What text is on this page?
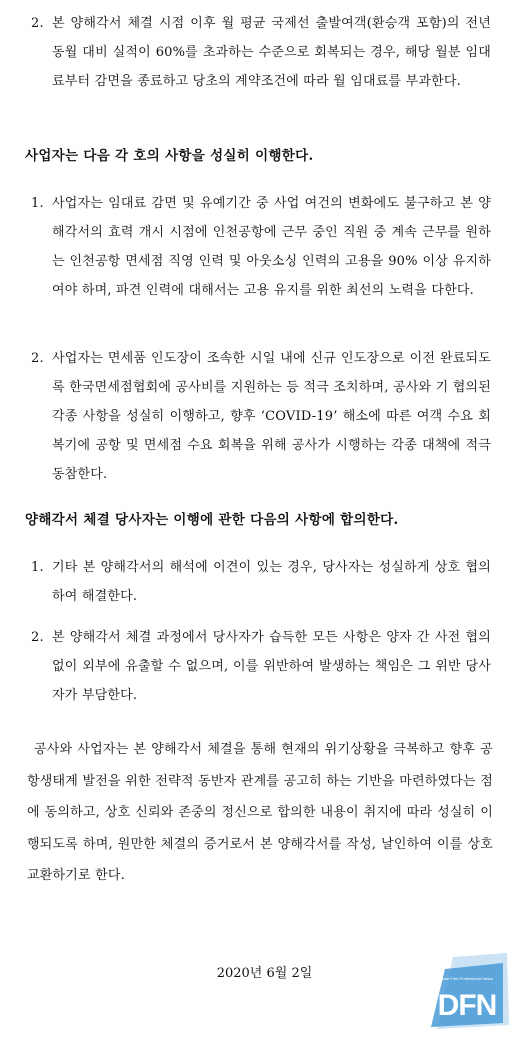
2. 본 양해각서 체결 시점 이후 월 평균 국제선 출발여객(환승객 포함)의 전년 동월 대비 실적이 60%를 초과하는 수준으로 회복되는 경우, 해당 월분 임대료부터 감면을 종료하고 당초의 계약조건에 따라 월 임대료를 부과한다.
사업자는 다음 각 호의 사항을 성실히 이행한다.
1. 사업자는 임대료 감면 및 유예기간 중 사업 여건의 변화에도 불구하고 본 양해각서의 효력 개시 시점에 인천공항에 근무 중인 직원 중 계속 근무를 원하는 인천공항 면세점 직영 인력 및 아웃소싱 인력의 고용을 90% 이상 유지하여야 하며, 파견 인력에 대해서는 고용 유지를 위한 최선의 노력을 다한다.
2. 사업자는 면세품 인도장이 조속한 시일 내에 신규 인도장으로 이전 완료되도록 한국면세점협회에 공사비를 지원하는 등 적극 조치하며, 공사와 기 협의된 각종 사항을 성실히 이행하고, 향후 ‘COVID-19’ 해소에 따른 여객 수요 회복기에 공항 및 면세점 수요 회복을 위해 공사가 시행하는 각종 대책에 적극 동참한다.
양해각서 체결 당사자는 이행에 관한 다음의 사항에 합의한다.
1. 기타 본 양해각서의 해석에 이견이 있는 경우, 당사자는 성실하게 상호 협의하여 해결한다.
2. 본 양해각서 체결 과정에서 당사자가 습득한 모든 사항은 양자 간 사전 협의 없이 외부에 유출할 수 없으며, 이를 위반하여 발생하는 책임은 그 위반 당사자가 부담한다.
공사와 사업자는 본 양해각서 체결을 통해 현재의 위기상황을 극복하고 향후 공항생태계 발전을 위한 전략적 동반자 관계를 공고히 하는 기반을 마련하였다는 점에 동의하고, 상호 신뢰와 존중의 정신으로 합의한 내용이 취지에 따라 성실히 이행되도록 하며, 원만한 체결의 증거로서 본 양해각서를 작성, 날인하여 이를 상호 교환하기로 한다.
2020년 6월 2일	Dream Free Professional News
DFN
